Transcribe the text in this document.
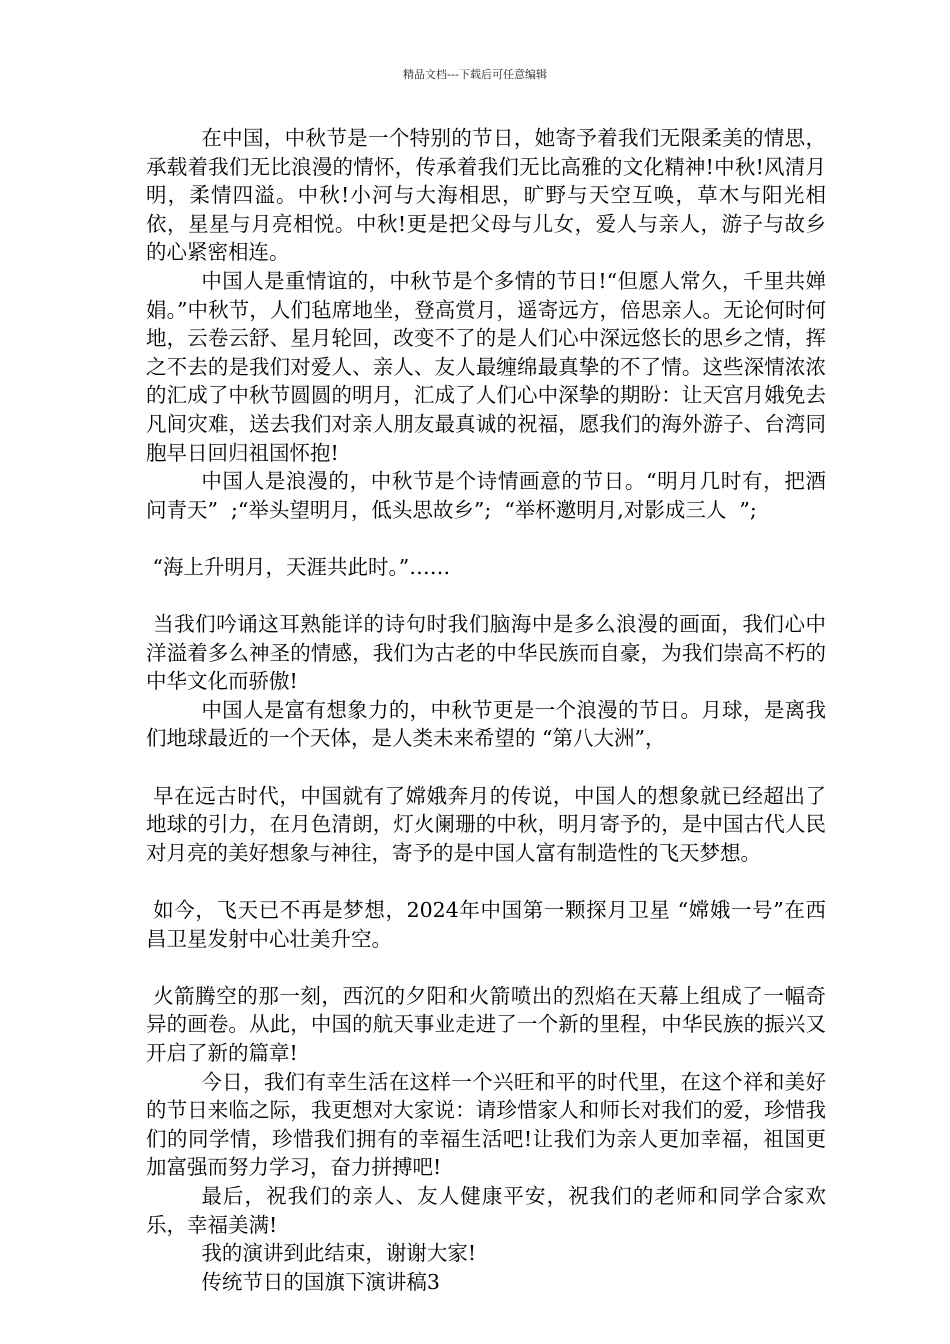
精品文档---下载后可任意编辑

在中国，中秋节是一个特别的节日，她寄予着我们无限柔美的情思，承载着我们无比浪漫的情怀，传承着我们无比高雅的文化精神!中秋!风清月明，柔情四溢。中秋!小河与大海相思，旷野与天空互唤，草木与阳光相依，星星与月亮相悦。中秋!更是把父母与儿女，爱人与亲人，游子与故乡的心紧密相连。

中国人是重情谊的，中秋节是个多情的节日!“但愿人常久，千里共婵娟。”中秋节，人们毡席地坐，登高赏月，遥寄远方，倍思亲人。无论何时何地，云卷云舒、星月轮回，改变不了的是人们心中深远悠长的思乡之情，挥之不去的是我们对爱人、亲人、友人最缠绵最真挚的不了情。这些深情浓浓的汇成了中秋节圆圆的明月，汇成了人们心中深挚的期盼：让天宫月娥免去凡间灾难，送去我们对亲人朋友最真诚的祝福，愿我们的海外游子、台湾同胞早日回归祖国怀抱!

中国人是浪漫的，中秋节是个诗情画意的节日。“明月几时有，把酒问青天”  ;“举头望明月，低头思故乡”;  “举杯邀明月,对影成三人  ”;

“海上升明月，天涯共此时。”……

当我们吟诵这耳熟能详的诗句时我们脑海中是多么浪漫的画面，我们心中洋溢着多么神圣的情感，我们为古老的中华民族而自豪，为我们崇高不朽的中华文化而骄傲!

中国人是富有想象力的，中秋节更是一个浪漫的节日。月球，是离我们地球最近的一个天体，是人类未来希望的 “第八大洲”，

早在远古时代，中国就有了嫦娥奔月的传说，中国人的想象就已经超出了地球的引力，在月色清朗，灯火阑珊的中秋，明月寄予的，是中国古代人民对月亮的美好想象与神往，寄予的是中国人富有制造性的飞天梦想。

如今，飞天已不再是梦想，2024年中国第一颗探月卫星 “嫦娥一号”在西昌卫星发射中心壮美升空。

火箭腾空的那一刻，西沉的夕阳和火箭喷出的烈焰在天幕上组成了一幅奇异的画卷。从此，中国的航天事业走进了一个新的里程，中华民族的振兴又开启了新的篇章!

今日，我们有幸生活在这样一个兴旺和平的时代里，在这个祥和美好的节日来临之际，我更想对大家说：请珍惜家人和师长对我们的爱，珍惜我们的同学情，珍惜我们拥有的幸福生活吧!让我们为亲人更加幸福，祖国更加富强而努力学习，奋力拼搏吧!

最后，祝我们的亲人、友人健康平安，祝我们的老师和同学合家欢乐，幸福美满!

我的演讲到此结束，谢谢大家!

传统节日的国旗下演讲稿3
